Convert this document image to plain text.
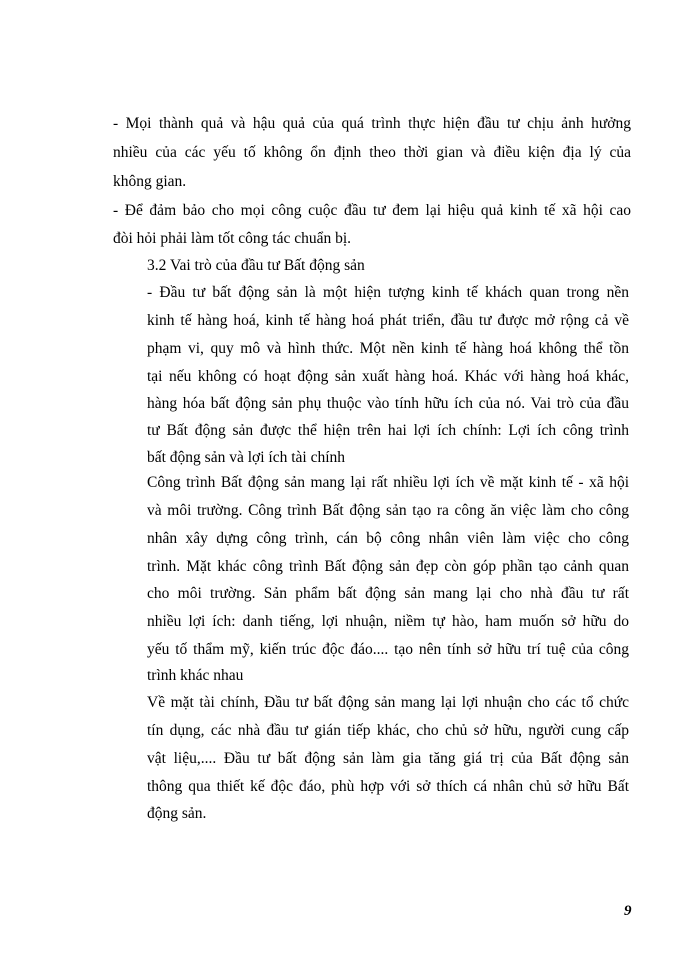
- Mọi thành quả và hậu quả của quá trình thực hiện đầu tư chịu ảnh hưởng
nhiều của các yếu tố không ổn định theo thời gian và điều kiện địa lý của
không gian.
- Để đảm bảo cho mọi công cuộc đầu tư đem lại hiệu quả kinh tế xã hội cao
đòi hỏi phải làm tốt công tác chuẩn bị.
3.2 Vai trò của đầu tư Bất động sản
- Đầu tư bất động sản là một hiện tượng kinh tế khách quan trong nền
kinh tế hàng hoá, kinh tế hàng hoá phát triển, đầu tư được mở rộng cả về
phạm vi, quy mô và hình thức. Một nền kinh tế hàng hoá không thể tồn
tại nếu không có hoạt động sản xuất hàng hoá. Khác với hàng hoá khác,
hàng hóa bất động sản phụ thuộc vào tính hữu ích của nó. Vai trò của đầu
tư Bất động sản được thể hiện trên hai lợi ích chính: Lợi ích công trình
bất động sản và lợi ích tài chính
Công trình Bất động sản mang lại rất nhiều lợi ích về mặt kinh tế - xã hội
và môi trường. Công trình Bất động sản tạo ra công ăn việc làm cho công
nhân xây dựng công trình, cán bộ công nhân viên làm việc cho công
trình. Mặt khác công trình Bất động sản đẹp còn góp phần tạo cảnh quan
cho môi trường. Sản phẩm bất động sản mang lại cho nhà đầu tư rất
nhiều lợi ích: danh tiếng, lợi nhuận, niềm tự hào, ham muốn sở hữu do
yếu tố thẩm mỹ, kiến trúc độc đáo.... tạo nên tính sở hữu trí tuệ của công
trình khác nhau
Về mặt tài chính, Đầu tư bất động sản mang lại lợi nhuận cho các tổ chức
tín dụng, các nhà đầu tư gián tiếp khác, cho chủ sở hữu, người cung cấp
vật liệu,.... Đầu tư bất động sản làm gia tăng giá trị của Bất động sản
thông qua thiết kế độc đáo, phù hợp với sở thích cá nhân chủ sở hữu Bất
động sản.
9
